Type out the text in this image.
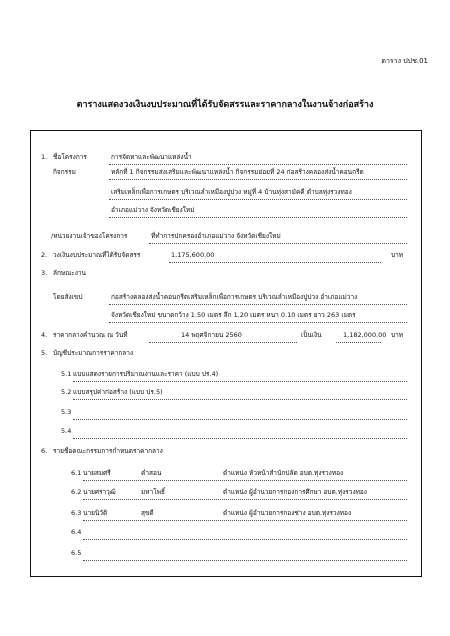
ตาราง ปปช.01
ตารางแสดงวงเงินงบประมาณที่ได้รับจัดสรรและราคากลางในงานจ้างก่อสร้าง
1. ชื่อโครงการ	การจัดหาและพัฒนาแหล่งน้ำ
กิจกรรม	หลักที่ 1 กิจกรรมส่งเสริมและพัฒนาแหล่งน้ำ กิจกรรมย่อยที่ 24 ก่อสร้างคลองส่งน้ำคอนกรีต
เสริมเหล็กเพื่อการเกษตร บริเวณลำเหมืองปูปวง หมู่ที่ 4 บ้านทุ่งสามัคคี ตำบลทุ่งรวงทอง
อำเภอแม่วาง จังหวัดเชียงใหม่
/หน่วยงานเจ้าของโครงการ	ที่ทำการปกครองอำเภอแม่วาง จังหวัดเชียงใหม่
2. วงเงินงบประมาณที่ได้รับจัดสรร	1,175,600.00	บาท
3. ลักษณะงาน
โดยสังเขป	ก่อสร้างคลองส่งน้ำคอนกรีตเสริมเหล็กเพื่อการเกษตร บริเวณลำเหมืองปูปวง อำเภอแม่วาง
จังหวัดเชียงใหม่ ขนาดกว้าง 1.50 เมตร ลึก 1.20 เมตร หนา 0.10 เมตร ยาว 263 เมตร
4. ราคากลางคำนวณ ณ วันที่	14 พฤศจิกายน 2560	เป็นเงิน	1,182,000.00 บาท
5. บัญชีประมาณการราคากลาง
5.1 แบบแสดงรายการปริมาณงานและราคา (แบบ ปร.4)
5.2 แบบสรุปค่าก่อสร้าง (แบบ ปร.5)
5.3
5.4
6. รายชื่อคณะกรรมการกำหนดราคากลาง
6.1 นายสมศรี	คำสอน	ตำแหน่ง หัวหน้าสำนักปลัด อบต.ทุ่งรวงทอง
6.2 นายศราวุฒิ	มหาโพธิ์	ตำแหน่ง ผู้อำนวยการกองการศึกษา อบต.ทุ่งรวงทอง
6.3 นายนิวัติ	สุขดี	ตำแหน่ง ผู้อำนวยการกองช่าง อบต.ทุ่งรวงทอง
6.4
6.5
